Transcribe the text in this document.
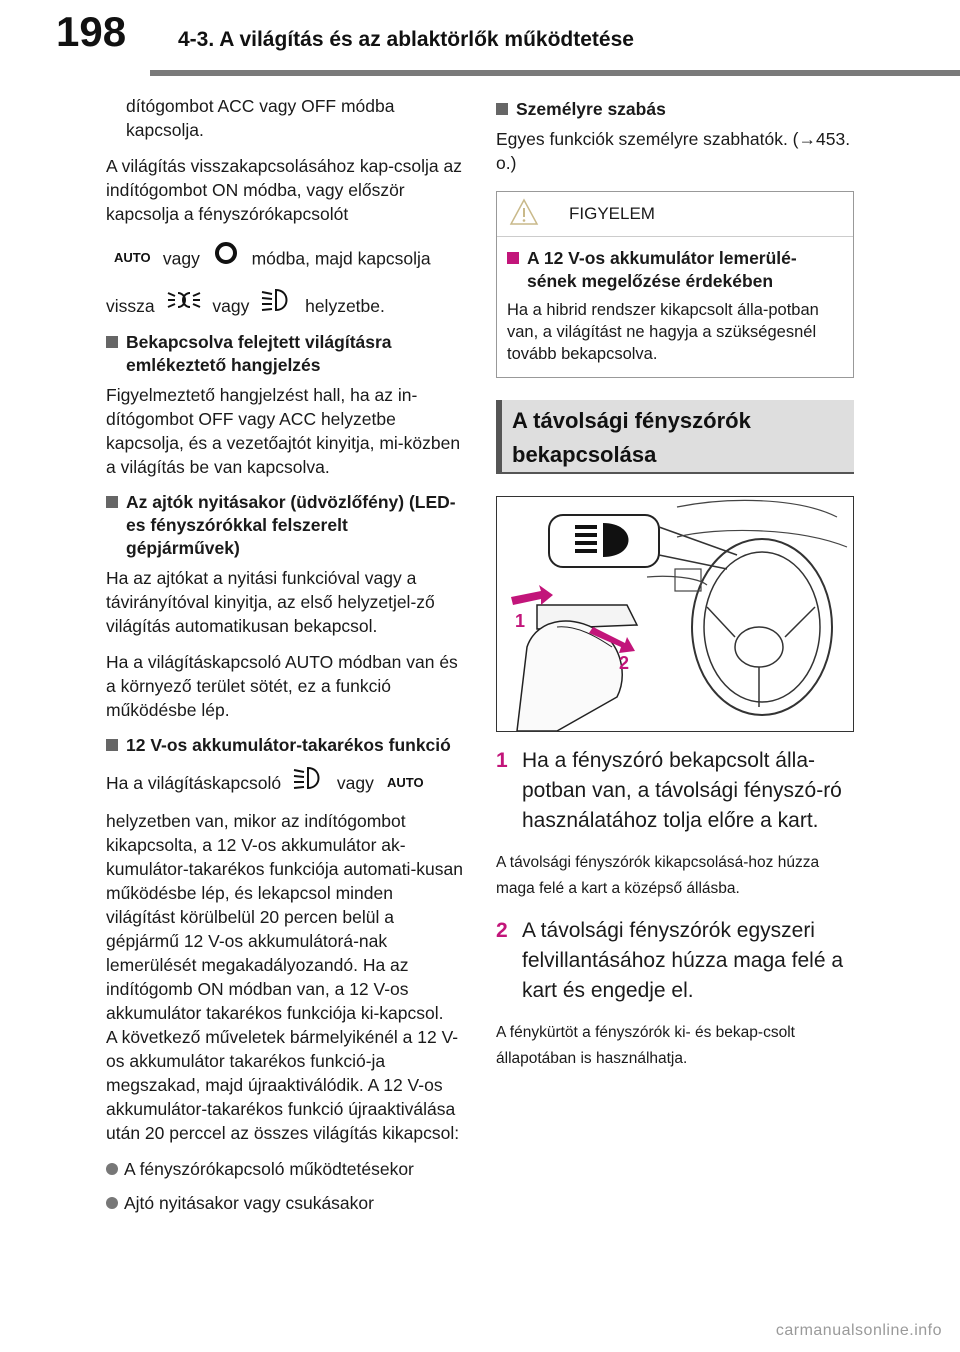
198 4-3. A világítás és az ablaktörlők működtetése

dítógombot ACC vagy OFF módba kapcsolja.

A világítás visszakapcsolásához kap-csolja az indítógombot ON módba, vagy először kapcsolja a fényszórókapcsolót

AUTO vagy	módba, majd kapcsolja
vissza	vagy	helyzetbe.
Bekapcsolva felejtett világításra emlékeztető hangjelzés

Figyelmeztető hangjelzést hall, ha az in-dítógombot OFF vagy ACC helyzetbe kapcsolja, és a vezetőajtót kinyitja, mi-közben a világítás be van kapcsolva.

Az ajtók nyitásakor (üdvözlőfény) (LED-es fényszórókkal felszerelt gépjárművek)

Ha az ajtókat a nyitási funkcióval vagy a távirányítóval kinyitja, az első helyzetjel-ző világítás automatikusan bekapcsol.

Ha a világításkapcsoló AUTO módban van és a környező terület sötét, ez a funkció működésbe lép.

12 V-os akkumulátor-takarékos funkció
Ha a világításkapcsoló	vagy AUTO

helyzetben van, mikor az indítógombot kikapcsolta, a 12 V-os akkumulátor ak-kumulátor-takarékos funkciója automati-kusan működésbe lép, és lekapcsol minden világítást körülbelül 20 percen belül a gépjármű 12 V-os akkumulátorá-nak lemerülését megakadályozandó. Ha az indítógomb ON módban van, a 12 V-os akkumulátor takarékos funkciója ki-kapcsol.

A következő műveletek bármelyikénél a 12 V-os akkumulátor takarékos funkció-ja megszakad, majd újraaktiválódik. A 12 V-os akkumulátor-takarékos funkció újraaktiválása után 20 perccel az összes világítás kikapcsol:

A fényszórókapcsoló működtetésekor
Ajtó nyitásakor vagy csukásakor
Személyre szabás

Egyes funkciók személyre szabhatók. (→453. o.)

FIGYELEM
A 12 V-os akkumulátor lemerülé-sének megelőzése érdekében

Ha a hibrid rendszer kikapcsolt álla-potban van, a világítást ne hagyja a szükségesnél tovább bekapcsolva.

A távolsági fényszórók bekapcsolása
1
2
1 Ha a fényszóró bekapcsolt álla-potban van, a távolsági fényszó-ró használatához tolja előre a kart.

A távolsági fényszórók kikapcsolásá-hoz húzza maga felé a kart a középső állásba.

2 A távolsági fényszórók egyszeri felvillantásához húzza maga felé a kart és engedje el.

A fénykürtöt a fényszórók ki- és bekap-csolt állapotában is használhatja.

carmanualsonline.info
